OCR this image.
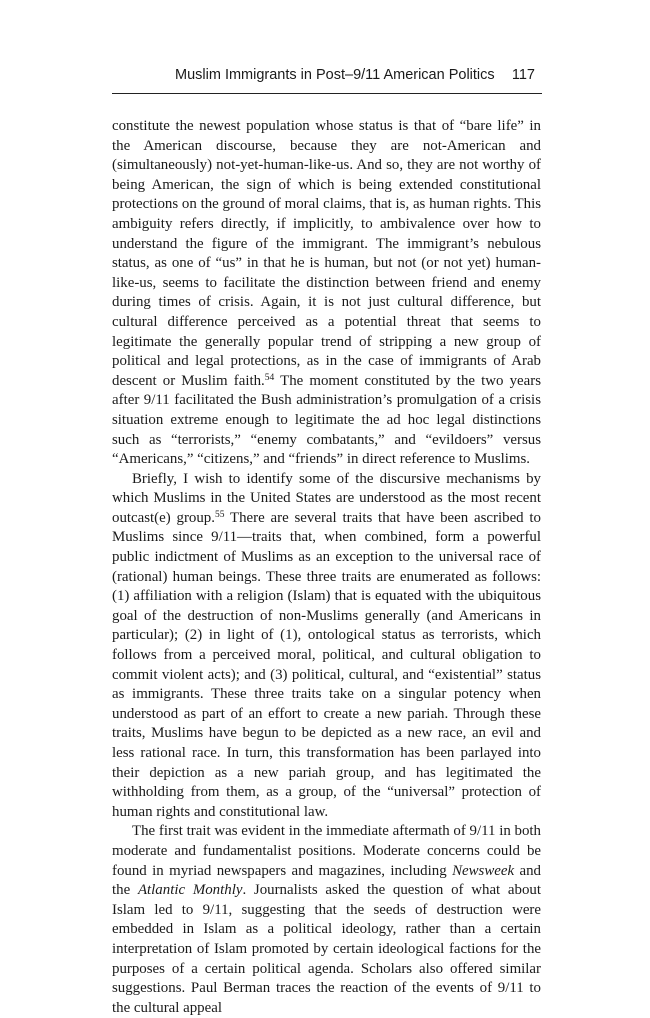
Muslim Immigrants in Post–9/11 American Politics 117

constitute the newest population whose status is that of “bare life” in the American discourse, because they are not-American and (simultaneously) not-yet-human-like-us. And so, they are not worthy of being American, the sign of which is being extended constitutional protections on the ground of moral claims, that is, as human rights. This ambiguity refers directly, if implicitly, to ambivalence over how to understand the figure of the immigrant. The immigrant’s nebulous status, as one of “us” in that he is human, but not (or not yet) human-like-us, seems to facilitate the distinction between friend and enemy during times of crisis. Again, it is not just cultural difference, but cultural difference perceived as a potential threat that seems to legitimate the generally popular trend of stripping a new group of political and legal protections, as in the case of immigrants of Arab descent or Muslim faith.$^{54}$ The moment constituted by the two years after 9/11 facilitated the Bush administration’s promulgation of a crisis situation extreme enough to legitimate the ad hoc legal distinctions such as “terrorists,” “enemy combatants,” and “evildoers” versus “Americans,” “citizens,” and “friends” in direct reference to Muslims.

Briefly, I wish to identify some of the discursive mechanisms by which Muslims in the United States are understood as the most recent outcast(e) group.$^{55}$ There are several traits that have been ascribed to Muslims since 9/11—traits that, when combined, form a powerful public indictment of Muslims as an exception to the universal race of (rational) human beings. These three traits are enumerated as follows: (1) affiliation with a religion (Islam) that is equated with the ubiquitous goal of the destruction of non-Muslims generally (and Americans in particular); (2) in light of (1), ontological status as terrorists, which follows from a perceived moral, political, and cultural obligation to commit violent acts); and (3) political, cultural, and “existential” status as immigrants. These three traits take on a singular potency when understood as part of an effort to create a new pariah. Through these traits, Muslims have begun to be depicted as a new race, an evil and less rational race. In turn, this transformation has been parlayed into their depiction as a new pariah group, and has legitimated the withholding from them, as a group, of the “universal” protection of human rights and constitutional law.

The first trait was evident in the immediate aftermath of 9/11 in both moderate and fundamentalist positions. Moderate concerns could be found in myriad newspapers and magazines, including Newsweek and the Atlantic Monthly. Journalists asked the question of what about Islam led to 9/11, suggesting that the seeds of destruction were embedded in Islam as a political ideology, rather than a certain interpretation of Islam promoted by certain ideological factions for the purposes of a certain political agenda. Scholars also offered similar suggestions. Paul Berman traces the reaction of the events of 9/11 to the cultural appeal
